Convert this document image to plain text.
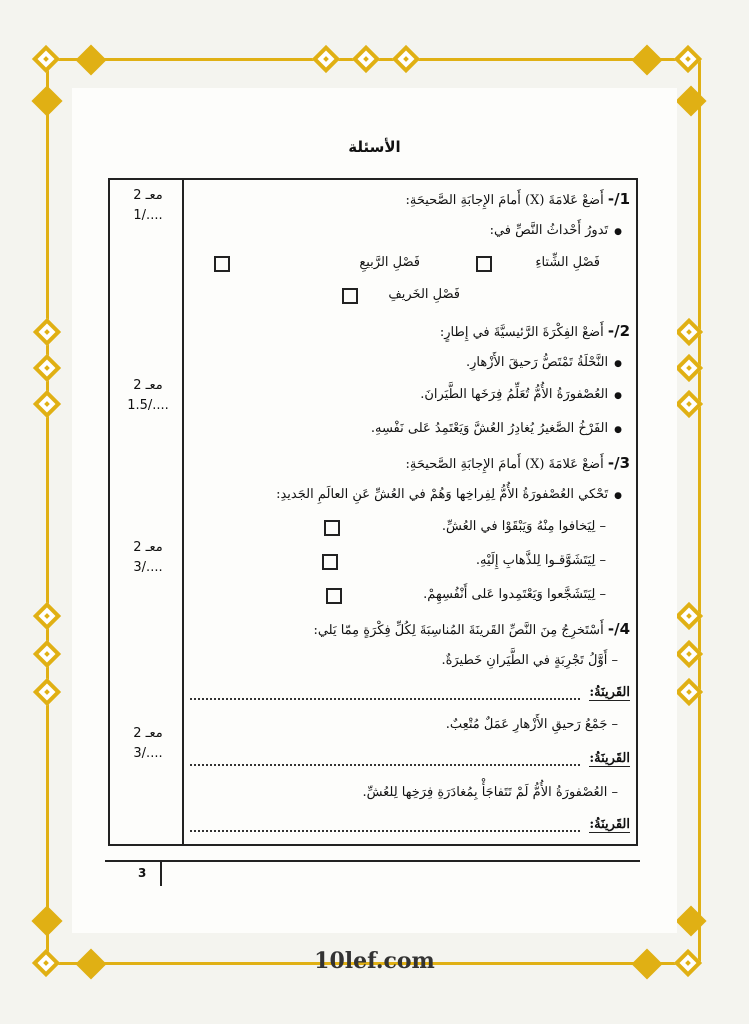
الأسئلة
معـ 2
1/....
معـ 2
1.5/....
معـ 2
3/....
معـ 2
3/....
1/- أَضعْ عَلامَةَ (X) أَمامَ الإِجابَةِ الصَّحيحَةِ:
● تَدورُ أَحْداثُ النَّصِّ في:
فَصْلِ الشِّتاءِ
فَصْلِ الرَّبيعِ
فَصْلِ الخَريفِ
2/- أَضعْ الفِكْرَةَ الرَّئيسيَّةَ في إِطارٍ:
● النَّحْلَةُ تَمْتَصُّ رَحيقَ الأَزْهارِ.
● العُصْفورَةُ الأُمُّ تُعَلِّمُ فِرَخَها الطَّيَرانَ.
● الفَرْخُ الصَّغيرُ يُغادِرُ العُشَّ وَيَعْتَمِدُ عَلى نَفْسِهِ.
3/- أَضعْ عَلامَةَ (X) أَمامَ الإِجابَةِ الصَّحيحَةِ:
● تَحْكي العُصْفورَةُ الأُمُّ لِفِراخِها وَهُمْ في العُشِّ عَنِ العالَمِ الجَديدِ:
– لِيَخافوا مِنْهُ وَيَبْقَوْا في العُشِّ.
– لِيَتَشَوَّقـوا لِلذَّهابِ إِلَيْهِ.
– لِيَتَشَجَّعوا وَيَعْتَمِدوا عَلى أَنْفُسِهِمْ.
4/- أَسْتَخرِجُ مِنَ النَّصِّ القَرينَةَ المُناسِبَةَ لِكُلِّ فِكْرَةٍ مِمّا يَلي:
– أَوَّلُ تَجْرِبَةٍ في الطَّيَرانِ خَطيرَةٌ.
القَرينَةُ:
– جَمْعُ رَحيقِ الأَزْهارِ عَمَلٌ مُتْعِبٌ.
القَرينَةُ:
– العُصْفورَةُ الأُمُّ لَمْ تَتَفاجَأْ بِمُغادَرَةِ فِرَخِها لِلعُشِّ.
القَرينَةُ:
3
10lef.com
